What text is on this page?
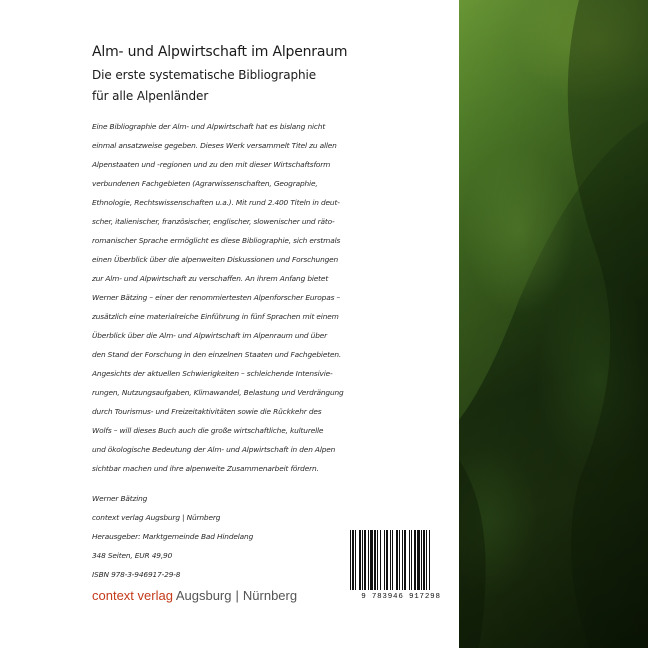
Alm- und Alpwirtschaft im Alpenraum
Die erste systematische Bibliographie
für alle Alpenländer
Eine Bibliographie der Alm- und Alpwirtschaft hat es bislang nicht
einmal ansatzweise gegeben. Dieses Werk versammelt Titel zu allen
Alpenstaaten und -regionen und zu den mit dieser Wirtschaftsform
verbundenen Fachgebieten (Agrarwissenschaften, Geographie,
Ethnologie, Rechtswissenschaften u.a.). Mit rund 2.400 Titeln in deut-
scher, italienischer, französischer, englischer, slowenischer und räto-
romanischer Sprache ermöglicht es diese Bibliographie, sich erstmals
einen Überblick über die alpenweiten Diskussionen und Forschungen
zur Alm- und Alpwirtschaft zu verschaffen. An ihrem Anfang bietet
Werner Bätzing – einer der renommiertesten Alpenforscher Europas –
zusätzlich eine materialreiche Einführung in fünf Sprachen mit einem
Überblick über die Alm- und Alpwirtschaft im Alpenraum und über
den Stand der Forschung in den einzelnen Staaten und Fachgebieten.
Angesichts der aktuellen Schwierigkeiten – schleichende Intensivie-
rungen, Nutzungsaufgaben, Klimawandel, Belastung und Verdrängung
durch Tourismus- und Freizeitaktivitäten sowie die Rückkehr des
Wolfs – will dieses Buch auch die große wirtschaftliche, kulturelle
und ökologische Bedeutung der Alm- und Alpwirtschaft in den Alpen
sichtbar machen und ihre alpenweite Zusammenarbeit fördern.
Werner Bätzing
context verlag Augsburg | Nürnberg
Herausgeber: Marktgemeinde Bad Hindelang
348 Seiten, EUR 49,90
ISBN 978-3-946917-29-8
context verlag Augsburg | Nürnberg	9 783946 917298
